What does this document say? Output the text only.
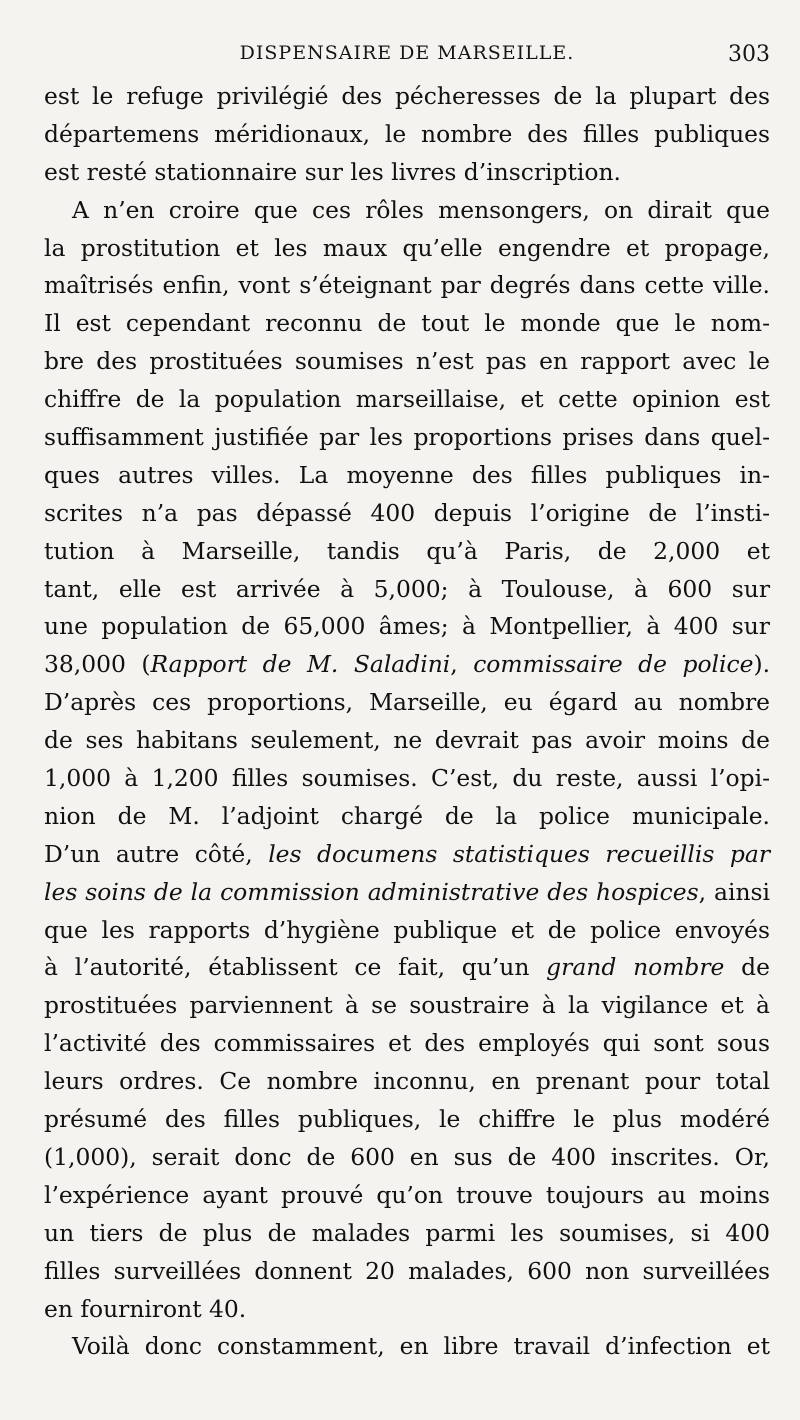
DISPENSAIRE DE MARSEILLE.	303
est le refuge privilégié des pécheresses de la plupart des
départemens méridionaux, le nombre des filles publiques
est resté stationnaire sur les livres d’inscription.
A n’en croire que ces rôles mensongers, on dirait que
la prostitution et les maux qu’elle engendre et propage,
maîtrisés enfin, vont s’éteignant par degrés dans cette ville.
Il est cependant reconnu de tout le monde que le nom-
bre des prostituées soumises n’est pas en rapport avec le
chiffre de la population marseillaise, et cette opinion est
suffisamment justifiée par les proportions prises dans quel-
ques autres villes. La moyenne des filles publiques in-
scrites n’a pas dépassé 400 depuis l’origine de l’insti-
tution à Marseille, tandis qu’à Paris, de 2,000 et
tant, elle est arrivée à 5,000; à Toulouse, à 600 sur
une population de 65,000 âmes; à Montpellier, à 400 sur
38,000 (Rapport de M. Saladini, commissaire de police).
D’après ces proportions, Marseille, eu égard au nombre
de ses habitans seulement, ne devrait pas avoir moins de
1,000 à 1,200 filles soumises. C’est, du reste, aussi l’opi-
nion de M. l’adjoint chargé de la police municipale.
D’un autre côté, les documens statistiques recueillis par
les soins de la commission administrative des hospices, ainsi
que les rapports d’hygiène publique et de police envoyés
à l’autorité, établissent ce fait, qu’un grand nombre de
prostituées parviennent à se soustraire à la vigilance et à
l’activité des commissaires et des employés qui sont sous
leurs ordres. Ce nombre inconnu, en prenant pour total
présumé des filles publiques, le chiffre le plus modéré
(1,000), serait donc de 600 en sus de 400 inscrites. Or,
l’expérience ayant prouvé qu’on trouve toujours au moins
un tiers de plus de malades parmi les soumises, si 400
filles surveillées donnent 20 malades, 600 non surveillées
en fourniront 40.
Voilà donc constamment, en libre travail d’infection et
